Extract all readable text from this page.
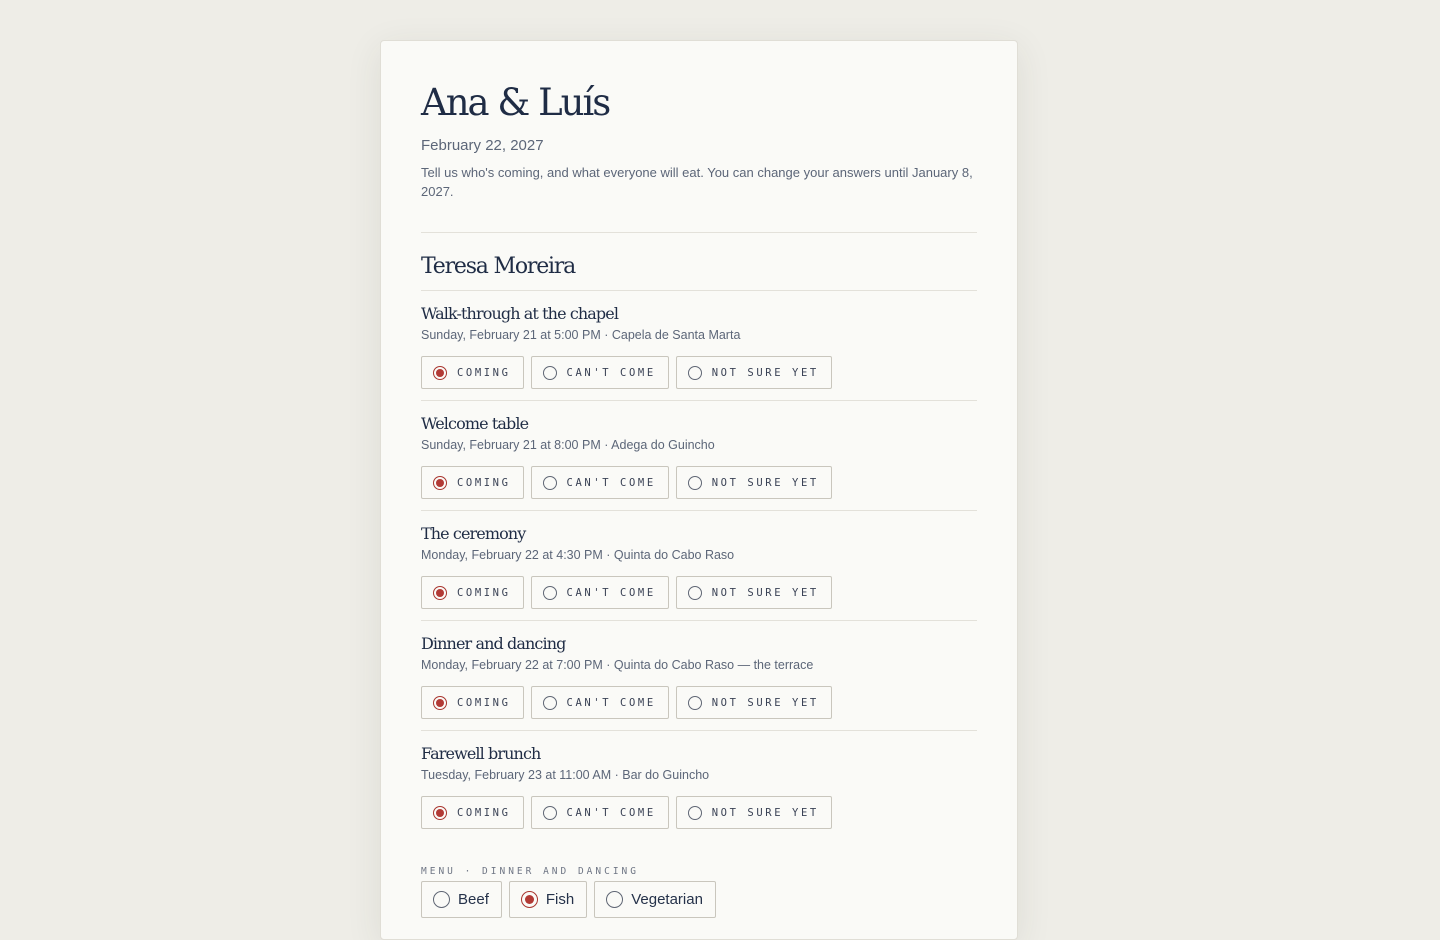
Ana & Luís
February 22, 2027
Tell us who's coming, and what everyone will eat. You can change your answers until January 8, 2027.
Teresa Moreira
Walk-through at the chapel
Sunday, February 21 at 5:00 PM · Capela de Santa Marta
COMING	CAN'T COME	NOT SURE YET
Welcome table
Sunday, February 21 at 8:00 PM · Adega do Guincho
COMING	CAN'T COME	NOT SURE YET
The ceremony
Monday, February 22 at 4:30 PM · Quinta do Cabo Raso
COMING	CAN'T COME	NOT SURE YET
Dinner and dancing
Monday, February 22 at 7:00 PM · Quinta do Cabo Raso — the terrace
COMING	CAN'T COME	NOT SURE YET
Farewell brunch
Tuesday, February 23 at 11:00 AM · Bar do Guincho
COMING	CAN'T COME	NOT SURE YET
MENU · DINNER AND DANCING
Beef	Fish	Vegetarian
